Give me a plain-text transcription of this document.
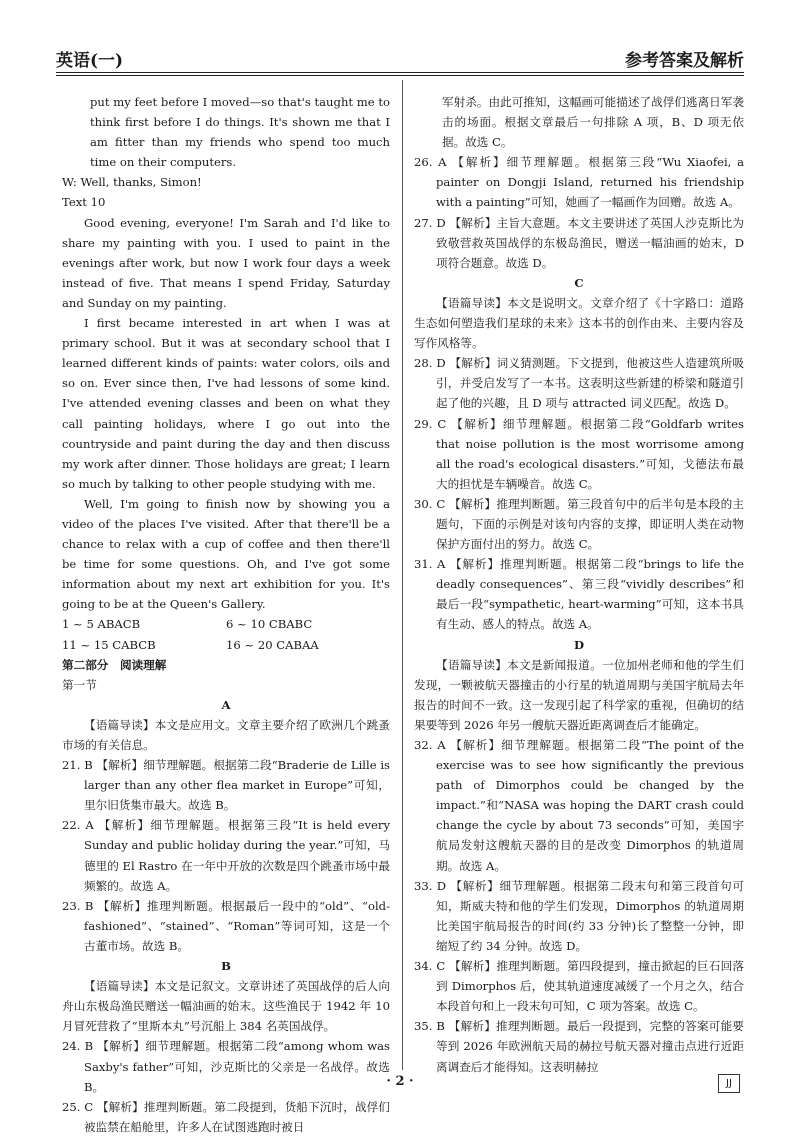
英语(一)	参考答案及解析

put my feet before I moved—so that's taught me to think first before I do things. It's shown me that I am fitter than my friends who spend too much time on their computers.

W: Well, thanks, Simon!

Text 10

Good evening, everyone! I'm Sarah and I'd like to share my painting with you. I used to paint in the evenings after work, but now I work four days a week instead of five. That means I spend Friday, Saturday and Sunday on my painting.

I first became interested in art when I was at primary school. But it was at secondary school that I learned different kinds of paints: water colors, oils and so on. Ever since then, I've had lessons of some kind. I've attended evening classes and been on what they call painting holidays, where I go out into the countryside and paint during the day and then discuss my work after dinner. Those holidays are great; I learn so much by talking to other people studying with me.

Well, I'm going to finish now by showing you a video of the places I've visited. After that there'll be a chance to relax with a cup of coffee and then there'll be time for some questions. Oh, and I've got some information about my next art exhibition for you. It's going to be at the Queen's Gallery.

1 ~ 5 ABACB	6 ~ 10 CBABC
11 ~ 15 CABCB	16 ~ 20 CABAA

第二部分　阅读理解

第一节

A

【语篇导读】本文是应用文。文章主要介绍了欧洲几个跳蚤市场的有关信息。

21. B 【解析】细节理解题。根据第二段“Braderie de Lille is larger than any other flea market in Europe”可知，里尔旧货集市最大。故选 B。

22. A 【解析】细节理解题。根据第三段“It is held every Sunday and public holiday during the year.”可知，马德里的 El Rastro 在一年中开放的次数是四个跳蚤市场中最频繁的。故选 A。

23. B 【解析】推理判断题。根据最后一段中的“old”、“old-fashioned”、“stained”、“Roman”等词可知，这是一个古董市场。故选 B。

B

【语篇导读】本文是记叙文。文章讲述了英国战俘的后人向舟山东极岛渔民赠送一幅油画的始末。这些渔民于 1942 年 10 月冒死营救了“里斯本丸”号沉船上 384 名英国战俘。

24. B 【解析】细节理解题。根据第二段“among whom was Saxby's father”可知，沙克斯比的父亲是一名战俘。故选 B。

25. C 【解析】推理判断题。第二段提到，货船下沉时，战俘们被监禁在船舱里，许多人在试图逃跑时被日

军射杀。由此可推知，这幅画可能描述了战俘们逃离日军袭击的场面。根据文章最后一句排除 A 项，B、D 项无依据。故选 C。

26. A 【解析】细节理解题。根据第三段“Wu Xiaofei, a painter on Dongji Island, returned his friendship with a painting”可知，她画了一幅画作为回赠。故选 A。

27. D 【解析】主旨大意题。本文主要讲述了英国人沙克斯比为致敬营救英国战俘的东极岛渔民，赠送一幅油画的始末，D 项符合题意。故选 D。

C

【语篇导读】本文是说明文。文章介绍了《十字路口：道路生态如何塑造我们星球的未来》这本书的创作由来、主要内容及写作风格等。

28. D 【解析】词义猜测题。下文提到，他被这些人造建筑所吸引，并受启发写了一本书。这表明这些新建的桥梁和隧道引起了他的兴趣，且 D 项与 attracted 词义匹配。故选 D。

29. C 【解析】细节理解题。根据第二段“Goldfarb writes that noise pollution is the most worrisome among all the road's ecological disasters.”可知，戈德法布最大的担忧是车辆噪音。故选 C。

30. C 【解析】推理判断题。第三段首句中的后半句是本段的主题句，下面的示例是对该句内容的支撑，即证明人类在动物保护方面付出的努力。故选 C。

31. A 【解析】推理判断题。根据第二段“brings to life the deadly consequences”、第三段“vividly describes”和最后一段“sympathetic, heart-warming”可知，这本书具有生动、感人的特点。故选 A。

D

【语篇导读】本文是新闻报道。一位加州老师和他的学生们发现，一颗被航天器撞击的小行星的轨道周期与美国宇航局去年报告的时间不一致。这一发现引起了科学家的重视，但确切的结果要等到 2026 年另一艘航天器近距离调查后才能确定。

32. A 【解析】细节理解题。根据第二段“The point of the exercise was to see how significantly the previous path of Dimorphos could be changed by the impact.”和“NASA was hoping the DART crash could change the cycle by about 73 seconds”可知，美国宇航局发射这艘航天器的目的是改变 Dimorphos 的轨道周期。故选 A。

33. D 【解析】细节理解题。根据第二段末句和第三段首句可知，斯威夫特和他的学生们发现，Dimorphos 的轨道周期比美国宇航局报告的时间(约 33 分钟)长了整整一分钟，即缩短了约 34 分钟。故选 D。

34. C 【解析】推理判断题。第四段提到，撞击掀起的巨石回落到 Dimorphos 后，使其轨道速度减缓了一个月之久，结合本段首句和上一段末句可知，C 项为答案。故选 C。

35. B 【解析】推理判断题。最后一段提到，完整的答案可能要等到 2026 年欧洲航天局的赫拉号航天器对撞击点进行近距离调查后才能得知。这表明赫拉

· 2 ·	JJ
